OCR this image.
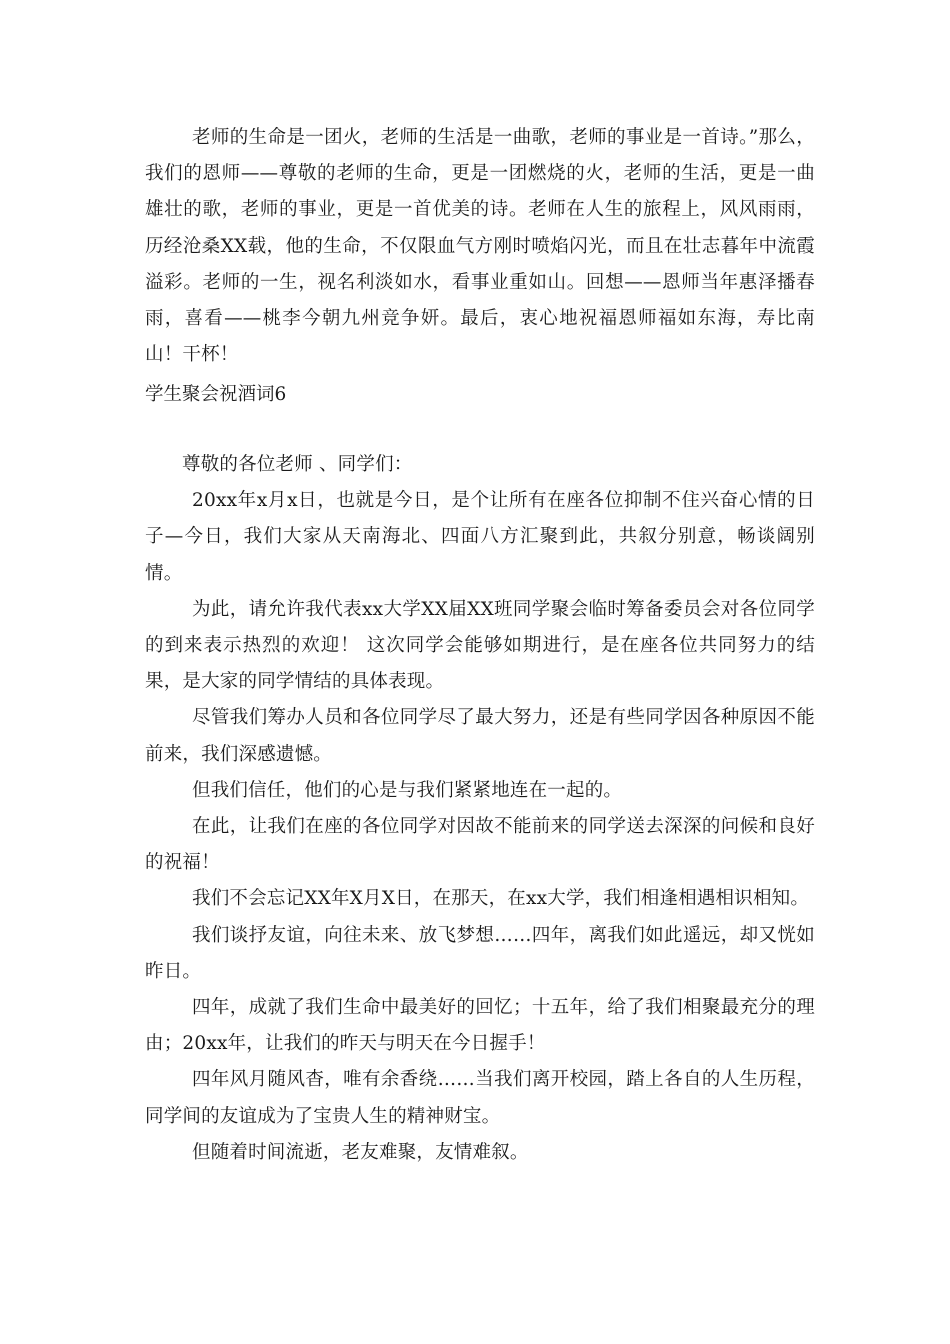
老师的生命是一团火，老师的生活是一曲歌，老师的事业是一首诗。”那么，我们的恩师——尊敬的老师的生命，更是一团燃烧的火，老师的生活，更是一曲雄壮的歌，老师的事业，更是一首优美的诗。老师在人生的旅程上，风风雨雨，历经沧桑XX载，他的生命，不仅限血气方刚时喷焰闪光，而且在壮志暮年中流霞溢彩。老师的一生，视名利淡如水，看事业重如山。回想——恩师当年惠泽播春雨，喜看——桃李今朝九州竞争妍。最后，衷心地祝福恩师福如东海，寿比南山！干杯！

学生聚会祝酒词6

尊敬的各位老师 、同学们：

20xx年x月x日，也就是今日，是个让所有在座各位抑制不住兴奋心情的日子—今日，我们大家从天南海北、四面八方汇聚到此，共叙分别意，畅谈阔别情。

为此，请允许我代表xx大学XX届XX班同学聚会临时筹备委员会对各位同学的到来表示热烈的欢迎！ 这次同学会能够如期进行，是在座各位共同努力的结果，是大家的同学情结的具体表现。

尽管我们筹办人员和各位同学尽了最大努力，还是有些同学因各种原因不能前来，我们深感遗憾。

但我们信任，他们的心是与我们紧紧地连在一起的。

在此，让我们在座的各位同学对因故不能前来的同学送去深深的问候和良好的祝福！

我们不会忘记XX年X月X日，在那天，在xx大学，我们相逢相遇相识相知。

我们谈抒友谊，向往未来、放飞梦想……四年，离我们如此遥远，却又恍如昨日。

四年，成就了我们生命中最美好的回忆；十五年，给了我们相聚最充分的理由；20xx年，让我们的昨天与明天在今日握手！

四年风月随风杳，唯有余香绕……当我们离开校园，踏上各自的人生历程，同学间的友谊成为了宝贵人生的精神财宝。

但随着时间流逝，老友难聚，友情难叙。
